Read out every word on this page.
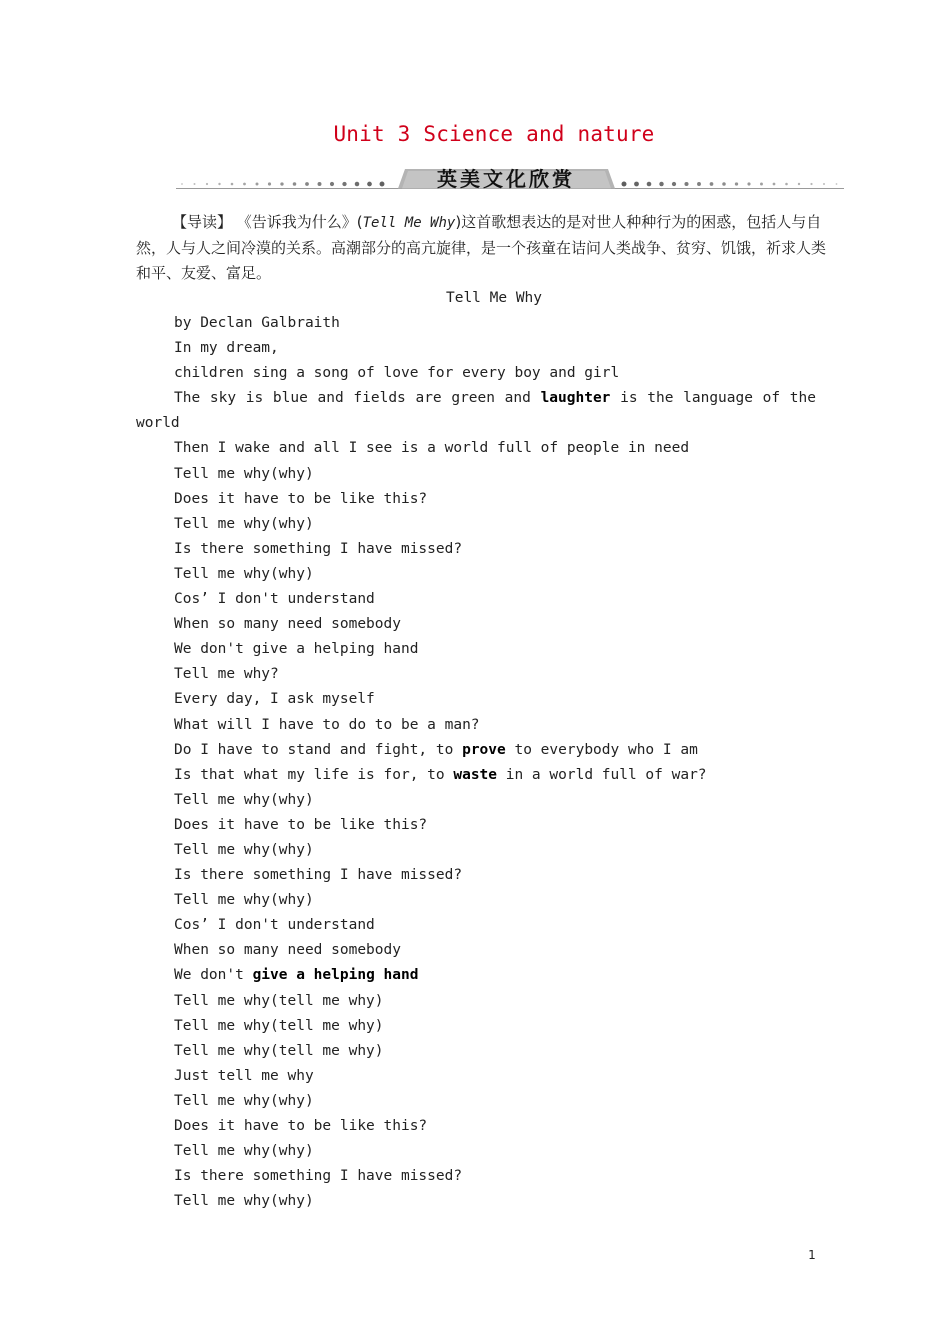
Unit 3 Science and nature
英美文化欣赏
【导读】 《告诉我为什么》(Tell Me Why)这首歌想表达的是对世人种种行为的困惑，包括人与自然，人与人之间冷漠的关系。高潮部分的高亢旋律，是一个孩童在诘问人类战争、贫穷、饥饿，祈求人类和平、友爱、富足。
Tell Me Why
by Declan Galbraith
In my dream,
children sing a song of love for every boy and girl
The sky is blue and fields are green and laughter is the language of the world
Then I wake and all I see is a world full of people in need
Tell me why(why)
Does it have to be like this?
Tell me why(why)
Is there something I have missed?
Tell me why(why)
Cos’ I don't understand
When so many need somebody
We don't give a helping hand
Tell me why?
Every day, I ask myself
What will I have to do to be a man?
Do I have to stand and fight, to prove to everybody who I am
Is that what my life is for, to waste in a world full of war?
Tell me why(why)
Does it have to be like this?
Tell me why(why)
Is there something I have missed?
Tell me why(why)
Cos’ I don't understand
When so many need somebody
We don't give a helping hand
Tell me why(tell me why)
Tell me why(tell me why)
Tell me why(tell me why)
Just tell me why
Tell me why(why)
Does it have to be like this?
Tell me why(why)
Is there something I have missed?
Tell me why(why)
1
